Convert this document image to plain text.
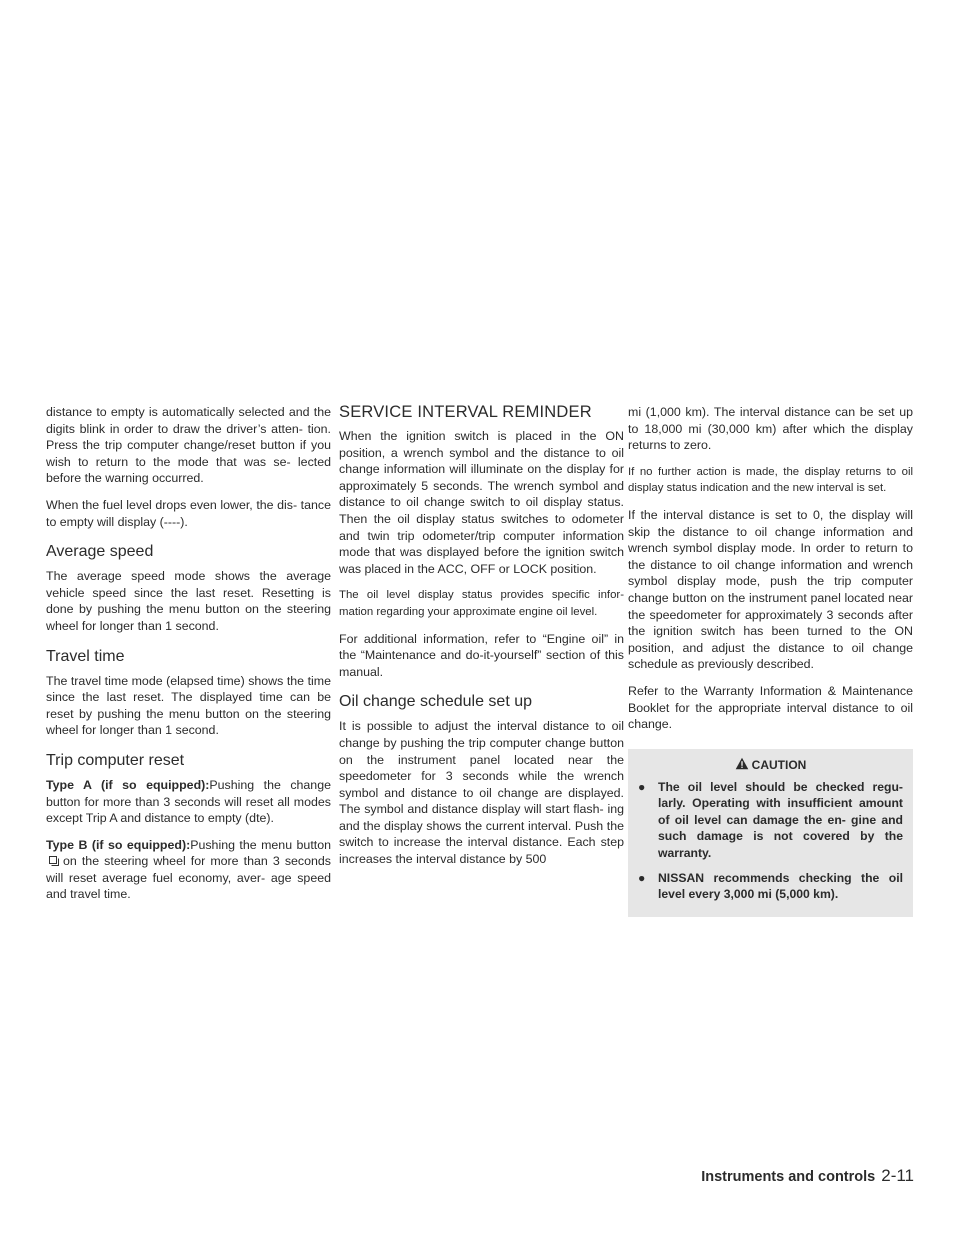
distance to empty is automatically selected and the digits blink in order to draw the driver’s atten- tion. Press the trip computer change/reset button if you wish to return to the mode that was se- lected before the warning occurred.

When the fuel level drops even lower, the dis- tance to empty will display (----).

Average speed

The average speed mode shows the average vehicle speed since the last reset. Resetting is done by pushing the menu button on the steering wheel for longer than 1 second.

Travel time

The travel time mode (elapsed time) shows the time since the last reset. The displayed time can be reset by pushing the menu button on the steering wheel for longer than 1 second.

Trip computer reset

Type A (if so equipped):Pushing the change button for more than 3 seconds will reset all modes except Trip A and distance to empty (dte).

Type B (if so equipped):Pushing the menu button
on the steering wheel for more than 3 seconds will reset average fuel economy, aver- age speed and travel time.

SERVICE INTERVAL REMINDER

When the ignition switch is placed in the ON position, a wrench symbol and the distance to oil change information will illuminate on the display for approximately 5 seconds. The wrench symbol and distance to oil change switch to oil display status. Then the oil display status switches to odometer and twin trip odometer/trip computer information mode that was displayed before the ignition switch was placed in the ACC, OFF or LOCK position.

The oil level display status provides specific infor- mation regarding your approximate engine oil level.

For additional information, refer to “Engine oil” in the “Maintenance and do-it-yourself” section of this manual.

Oil change schedule set up

It is possible to adjust the interval distance to oil change by pushing the trip computer change button on the instrument panel located near the speedometer for 3 seconds while the wrench symbol and distance to oil change are displayed. The symbol and distance display will start flash- ing and the display shows the current interval. Push the switch to increase the interval distance. Each step increases the interval distance by 500

mi (1,000 km). The interval distance can be set up to 18,000 mi (30,000 km) after which the display returns to zero.

If no further action is made, the display returns to oil display status indication and the new interval is set.

If the interval distance is set to 0, the display will skip the distance to oil change information and wrench symbol display mode. In order to return to the distance to oil change information and wrench symbol display mode, push the trip computer change button on the instrument panel located near the speedometer for approximately 3 seconds after the ignition switch has been turned to the ON position, and adjust the distance to oil change schedule as previously described.

Refer to the Warranty Information & Maintenance Booklet for the appropriate interval distance to oil change.

CAUTION
● The oil level should be checked regu- larly. Operating with insufficient amount of oil level can damage the en- gine and such damage is not covered by the warranty.
● NISSAN recommends checking the oil level every 3,000 mi (5,000 km).
Instruments and controls 2-11
